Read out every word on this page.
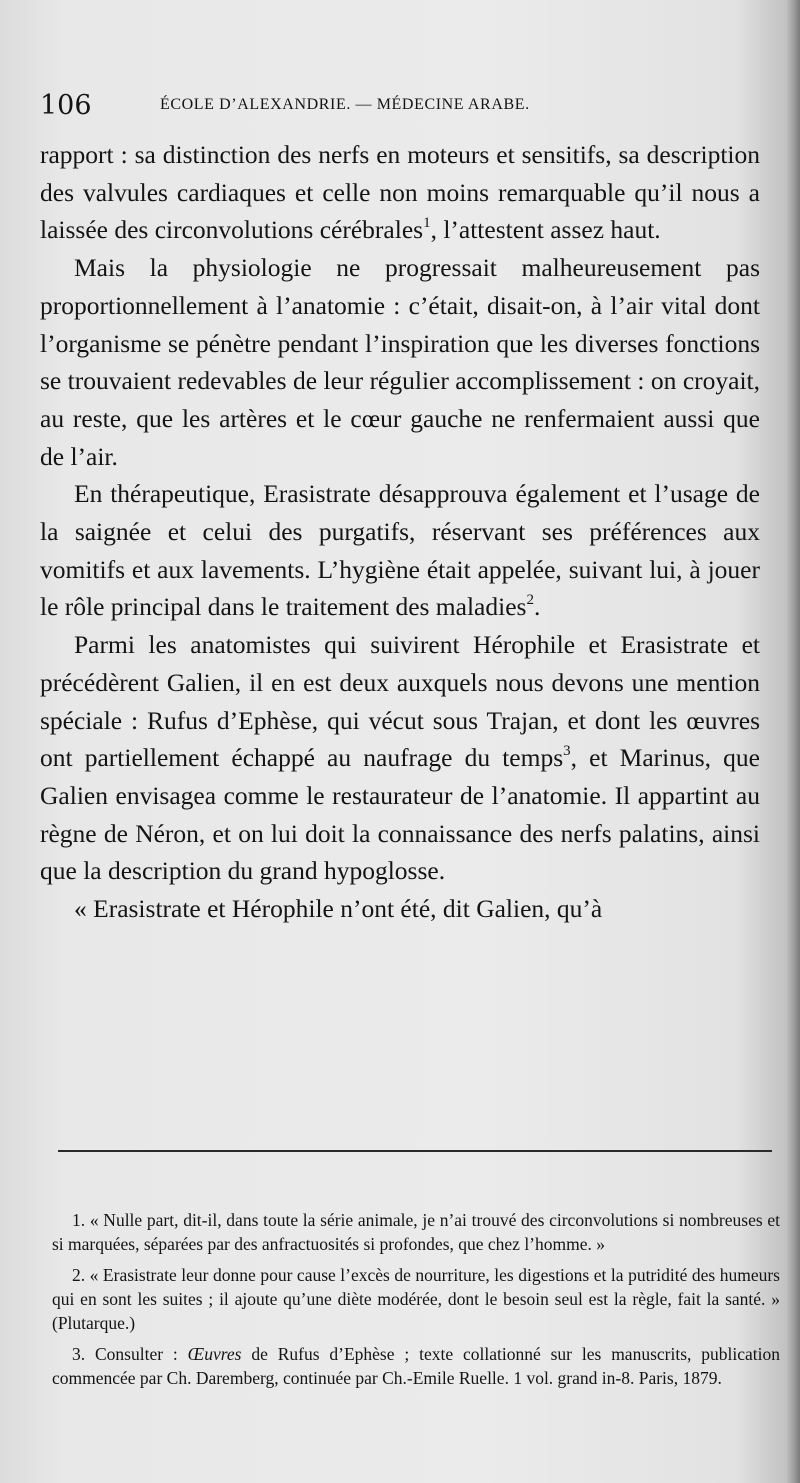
106	ÉCOLE D’ALEXANDRIE. — MÉDECINE ARABE.

rapport : sa distinction des nerfs en moteurs et sensitifs, sa description des valvules cardiaques et celle non moins remarquable qu’il nous a laissée des circonvolutions cérébrales$^1$, l’attestent assez haut.

Mais la physiologie ne progressait malheureusement pas proportionnellement à l’anatomie : c’était, disait-on, à l’air vital dont l’organisme se pénètre pendant l’inspiration que les diverses fonctions se trouvaient redevables de leur régulier accomplissement : on croyait, au reste, que les artères et le cœur gauche ne renfermaient aussi que de l’air.

En thérapeutique, Erasistrate désapprouva également et l’usage de la saignée et celui des purgatifs, réservant ses préférences aux vomitifs et aux lavements. L’hygiène était appelée, suivant lui, à jouer le rôle principal dans le traitement des maladies$^2$.

Parmi les anatomistes qui suivirent Hérophile et Erasistrate et précédèrent Galien, il en est deux auxquels nous devons une mention spéciale : Rufus d’Ephèse, qui vécut sous Trajan, et dont les œuvres ont partiellement échappé au naufrage du temps$^3$, et Marinus, que Galien envisagea comme le restaurateur de l’anatomie. Il appartint au règne de Néron, et on lui doit la connaissance des nerfs palatins, ainsi que la description du grand hypoglosse.

« Erasistrate et Hérophile n’ont été, dit Galien, qu’à

1. « Nulle part, dit-il, dans toute la série animale, je n’ai trouvé des circonvolutions si nombreuses et si marquées, séparées par des anfractuosités si profondes, que chez l’homme. »

2. « Erasistrate leur donne pour cause l’excès de nourriture, les digestions et la putridité des humeurs qui en sont les suites ; il ajoute qu’une diète modérée, dont le besoin seul est la règle, fait la santé. » (Plutarque.)

3. Consulter : Œuvres de Rufus d’Ephèse ; texte collationné sur les manuscrits, publication commencée par Ch. Daremberg, continuée par Ch.-Emile Ruelle. 1 vol. grand in-8. Paris, 1879.
